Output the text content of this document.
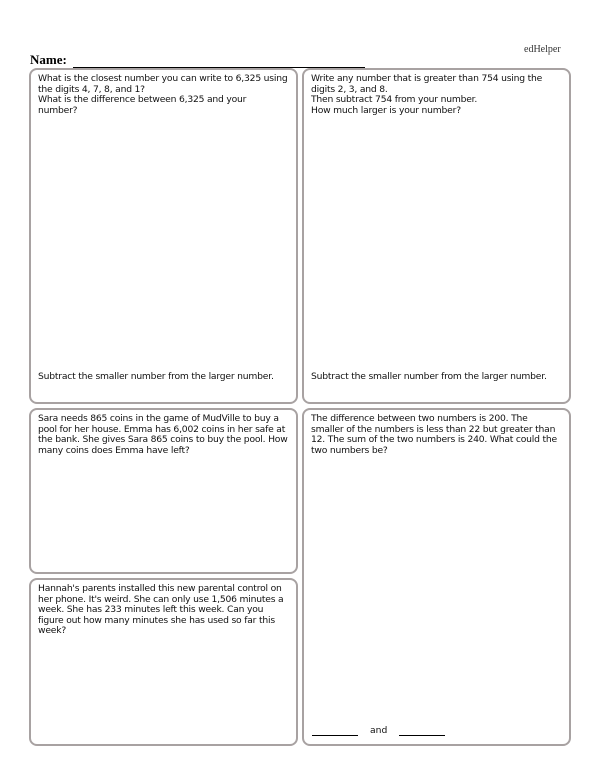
edHelper
Name:
What is the closest number you can write to 6,325 using the digits 4, 7, 8, and 1?
What is the difference between 6,325 and your number?
Subtract the smaller number from the larger number.
Write any number that is greater than 754 using the digits 2, 3, and 8.
Then subtract 754 from your number.
How much larger is your number?
Subtract the smaller number from the larger number.
Sara needs 865 coins in the game of MudVille to buy a pool for her house. Emma has 6,002 coins in her safe at the bank. She gives Sara 865 coins to buy the pool. How many coins does Emma have left?
The difference between two numbers is 200. The smaller of the numbers is less than 22 but greater than 12. The sum of the two numbers is 240. What could the two numbers be?
and
Hannah's parents installed this new parental control on her phone. It's weird. She can only use 1,506 minutes a week. She has 233 minutes left this week. Can you figure out how many minutes she has used so far this week?
